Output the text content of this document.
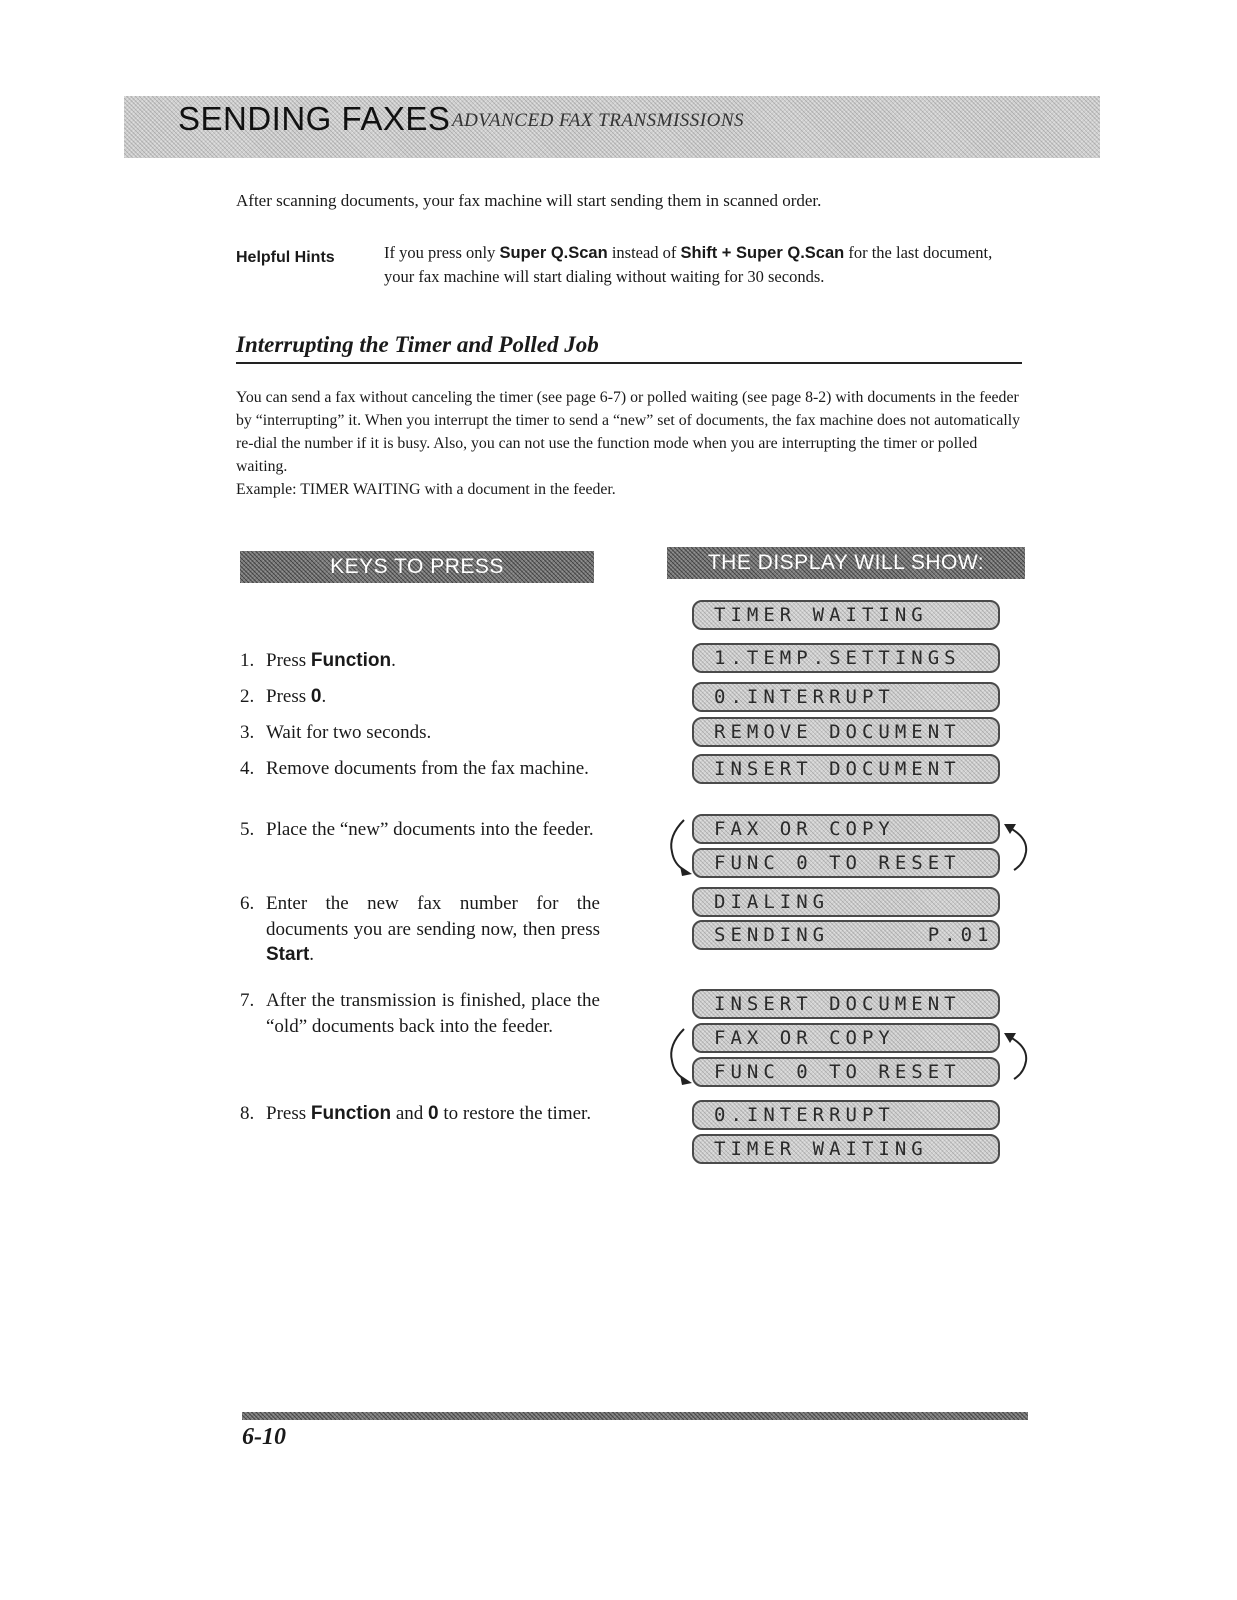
SENDING FAXES ADVANCED FAX TRANSMISSIONS
After scanning documents, your fax machine will start sending them in scanned order.
Helpful Hints	If you press only Super Q.Scan instead of Shift + Super Q.Scan for the last document, your fax machine will start dialing without waiting for 30 seconds.
Interrupting the Timer and Polled Job
You can send a fax without canceling the timer (see page 6-7) or polled waiting (see page 8-2) with documents in the feeder by “interrupting” it. When you interrupt the timer to send a “new” set of documents, the fax machine does not automatically re-dial the number if it is busy. Also, you can not use the function mode when you are interrupting the timer or polled waiting.
Example: TIMER WAITING with a document in the feeder.
KEYS TO PRESS	THE DISPLAY WILL SHOW:
1. Press Function.
2. Press 0.
3. Wait for two seconds.
4. Remove documents from the fax machine.
5. Place the “new” documents into the feeder.
6. Enter the new fax number for the documents you are sending now, then press Start.
7. After the transmission is finished, place the “old” documents back into the feeder.
8. Press Function and 0 to restore the timer.
TIMER WAITING
1.TEMP.SETTINGS
0.INTERRUPT
REMOVE DOCUMENT
INSERT DOCUMENT
FAX OR COPY
FUNC 0 TO RESET
DIALING
SENDING      P.01
INSERT DOCUMENT
FAX OR COPY
FUNC 0 TO RESET
0.INTERRUPT
TIMER WAITING
6-10
